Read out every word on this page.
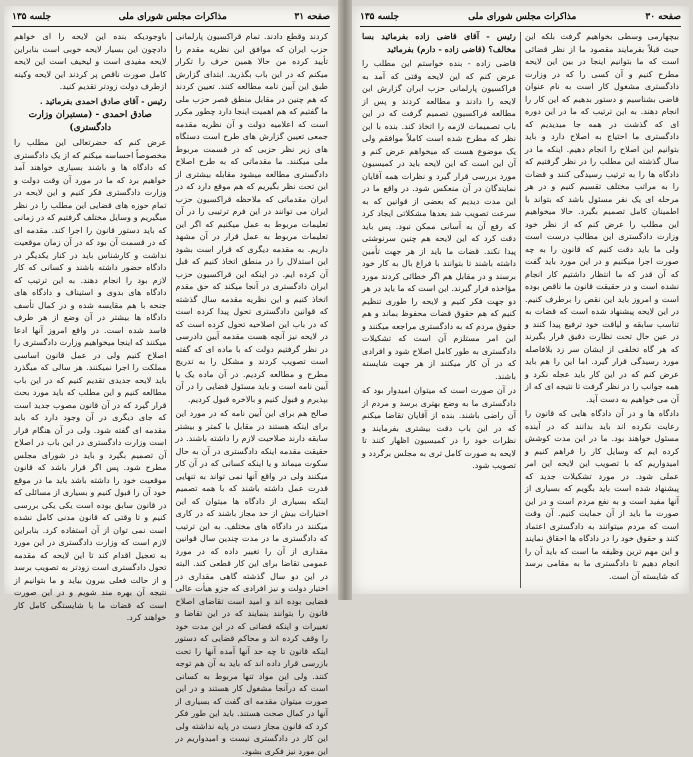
صفحه ۳۱
مذاکرات مجلس شورای ملی
جلسه ۱۳۵

کردند وقطع دادند. تمام قراکسیون پارلمانی حزب ایران که موافق این نظریه مقدم را تأیید کرده من حالا همین حرف را تکرار میکنم که در این باب بگذرید. ابتدای گزارش طبق این آیین نامه مطالعه کنند. تعیین کردند که هم چنین در مقابل منطق قصر حزب ملی ما گفتیم که هم اهمیت اینجا دارد چطور مکرر است که اعلامیه دولت و آن نظریه مقدمه جمعی تعیین گزارش های طرح است دستگاه های زیر نظر حزبی که در قسمت مربوط ملی میکنند. ما مقدماتی که به طرح اصلاح دادگستری مطالعه میشود مقابله بیشتری از این تحت نظر بگیریم که هم موقع دارد که در ایران مقدماتی که ملاحظه قراکسیون حزب ایران می توانند در این فرم ترتیبی را در آن تعلیمات مربوط به عمل میکنیم که اگر این تعلیمات مربوط به عمل قرار در آن مشهد داریم. به مقدمه دیگری که قرار است بشود این استدلال را در منطق اتخاذ کنیم که قبل آن کرده ایم. در اینکه این قراکسیون حزب ایران دادگستری در آنجا میکند که حق مقدم اتخاذ کنیم و این نظریه مقدمه سال گذشته که قوانین دادگستری تحول پیدا کرده است که در باب این اصلاحیه تحول کرده است که در لایحه نیز آنچه هست مقدمه آیین دادرسی در نظر گرفتیم دولت که با ماده ای که گفته است تصویب کردند و مشکل را به تدریج مطرح و مطالعه کردیم. در آن ماده یک یا آیین نامه است و باید مسئول قضایی را در آن بپذیرم و قبول کنیم و بالاخره قبول کردیم.

صالح هم برای این آیین نامه که در مورد این برای اینکه هستند در مقابل با کمتر و بیشتر سابقه دارند صلاحیت لازم را داشته باشند. در حقیقت مقدمه اینکه دادگستری در آن به حال سکوت میماند و یا اینکه کسانی که در آن کار میکنند ولی در واقع آنها نمی تواند به تنهایی قدرت عمل داشته باشند که با همه تصمیم اینکه بسیاری از دادگاه ها میتوان که این اختیارات بیش از حد مجاز باشند که در کاری میکنند در دادگاه های مختلف. به این ترتیب که دادگستری ما در مدت چندین سال قوانین مقداری از آن را تغییر داده که در مورد عمومی تقاضا برای این کار قطعی کند. البته در این دو سال گذشته گاهی مقداری در اختیار دولت و نیز افرادی که جزو هیأت عالی قضایی بوده اند و امید است تقاضای اصلاح قانون را بتوانند بنمایند که در این تقاضا و تغییرات و اینکه قضاتی که در این مدت خود را وقف کرده اند و محاکم قضایی که دستور اینکه قانون تا چه حد آنها آمده آنها را تحت بازرسی قرار داده اند که باید به آن هم توجه کنند. ولی این مواد تنها مربوط به کسانی است که درآنجا مشغول کار هستند و در این صورت میتوان مقدمه ای گفت که بسیاری از آنها در کمال صحت هستند. باید این طور فکر کرد که قانون مجاز دست در پایه نداشته ولی این کار در دادگستری نیست و امیدواریم در این مورد نیز فکری بشود.

باوجودیکه بنده این لایحه را ای خواهم دادچون این بسیار لایحه خوبی است بنابراین لایحه مفیدی است و لیخیف است این لایحه کامل صورت ناقص پر کردند این لایحه وکینه ازطرف دولت زودتر تقدیم کنید.

رئیس - آقای صادق احمدی بفرمائید .

صادق احمدی - (مستبران وزارت دادگستری)

عرض کنم که حضرتعالی این مطلب را مخصوصاً احساسه میکنم که از یک دادگستری که دادگاه ها و باشند بسیاری خواهند آمد خواهیم برد که ما در مورد آن وقت دولت و وزارت دادگستری فکر کنیم و این لایحه در تمام حوزه های قضایی این مطلب را در نظر میگیریم و وسایل مختلف گرفتیم که در زمانی که باید دستور قانون را اجرا کند. مقدمه ای که در قسمت آن بود که در آن زمان موقعیت نداشت و کارشناس باید در کنار یکدیگر در دادگاه حضور داشته باشند و کسانی که کار لازم بود را انجام دهند. به این ترتیب که دادگاه های بدوی و استیناف و دادگاه های جنحه با هم مقایسه شده و در کمال تأسف دادگاه ها بیشتر در آن وضع از هر طرف فاسد شده است. در واقع امروز آنها ادعا میکنند که اینجا میخواهیم وزارت دادگستری را اصلاح کنیم ولی در عمل قانون اساسی مملکت را اجرا نمیکنند. هر سالی که میگذرد باید لایحه جدیدی تقدیم کنیم که در این باب مطالعه کنیم و این مطلب که باید مورد بحث قرار گیرد که در آن قانون مصوب جدید است که جای دیگری در آن وجود دارد که باید مقدمه ای گفته شود. ولی در آن هنگام قرار است وزارت دادگستری در این باب در اصلاح آن تصمیم بگیرد و باید در شورای مجلس مطرح شود. پس اگر قرار باشد که قانون موقعیت خود را داشته باشد باید ما در موقع خود آن را قبول کنیم و بسیاری از مسائلی که در قانون سابق بوده است یکی یکی بررسی کنیم و تا وقتی که قانون مدنی کامل نشده است نمی توان از آن استفاده کرد. بنابراین لازم است که وزارت دادگستری در این مورد به تعجیل اقدام کند تا این لایحه که مقدمه تحول دادگستری است زودتر به تصویب برسد و از حالت فعلی بیرون بیاید و ما بتوانیم از نتیجه آن بهره مند شویم و در این صورت است که قضات ما با شایستگی کامل کار خواهند کرد.

صفحه ۳۰
مذاکرات مجلس شورای ملی
جلسه ۱۳۵

بیچهارمی وسطی بخواهیم گرفت بلکه این حیث قبلاً بفرمایند مقصود ما از نظر قضائی است که ما بتوانیم اینجا در بین این لایحه مطرح کنیم و آن کسی را که در وزارت دادگستری مشغول کار است به نام عنوان قاضی بشناسیم و دستور بدهیم که این کار را انجام دهند. به این ترتیب که ما در این دوره ای که گذشت در همه جا میدیدیم که دادگستری ما احتیاج به اصلاح دارد و باید بتوانیم این اصلاح را انجام دهیم. اینکه ما در سال گذشته این مطلب را در نظر گرفتیم که دادگاه ها را به ترتیب رسیدگی کنند و قضات را به مراتب مختلف تقسیم کنیم و در هر مرحله ای یک نفر مسئول باشد که بتواند با اطمینان کامل تصمیم بگیرد. حالا میخواهیم این مطلب را عرض کنم که از نظر خود وزارت دادگستری این مطالب درست است ولی ما باید دقت کنیم که قانون را به چه صورت اجرا میکنیم و در این مورد باید گفت که آن قدر که ما انتظار داشتیم کار انجام نشده است و در حقیقت قانون ما ناقص بوده است و امروز باید این نقص را برطرف کنیم. در این لایحه پیشنهاد شده است که قضات به تناسب سابقه و لیاقت خود ترفیع پیدا کنند و در عین حال تحت نظارت دقیق قرار بگیرند که هر گاه تخلفی از ایشان سر زد بلافاصله مورد رسیدگی قرار گیرد. اما این را هم باید عرض کنم که در این کار باید عجله نکرد و همه جوانب را در نظر گرفت تا نتیجه ای که از آن می خواهیم به دست آید.

دادگاه ها و در آن دادگاه هایی که قانون را رعایت نکرده اند باید بدانند که در آینده مسئول خواهند بود. ما در این مدت کوشش کرده ایم که وسایل کار را فراهم کنیم و امیدواریم که با تصویب این لایحه این امر عملی شود. در مورد تشکیلات جدید که پیشنهاد شده است باید بگویم که بسیاری از آنها مفید است و به نفع مردم است و در این صورت ما باید از آن حمایت کنیم. آن وقت است که مردم میتوانند به دادگستری اعتماد کنند و حقوق خود را در دادگاه ها احقاق نمایند و این مهم ترین وظیفه ما است که باید آن را انجام دهیم تا دادگستری ما به مقامی برسد که شایسته آن است.

رئیس - آقای قاضی زاده بفرمائید بسا مخالف؟ (قاضی زاده - دارم) بفرمائید

قاضی زاده - بنده خواستم این مطلب را عرض کنم که این لایحه وقتی که آمد به فراکسیون پارلمانی حزب ایران گزارش این لایحه را دادند و مطالعه کردند و پس از مطالعه فراکسیون تصمیم گرفت که در این باب تصمیمات لازمه را اتخاذ کند. بنده با این نظر که مطرح شده است کاملاً موافقم ولی یک موضوع هست که میخواهم عرض کنم و آن این است که این لایحه باید در کمیسیون مورد بررسی قرار گیرد و نظرات همه آقایان نمایندگان در آن منعکس شود. در واقع ما در این مدت دیدیم که بعضی از قوانین که به سرعت تصویب شد بعدها مشکلاتی ایجاد کرد که رفع آن به آسانی ممکن نبود. پس باید دقت کرد که این لایحه هم چنین سرنوشتی پیدا نکند. قضات ما باید از هر جهت تأمین داشته باشند تا بتوانند با فراغ بال به کار خود برسند و در مقابل هم اگر خطائی کردند مورد مؤاخذه قرار گیرند. این است که ما باید در هر دو جهت فکر کنیم و لایحه را طوری تنظیم کنیم که هم حقوق قضات محفوظ بماند و هم حقوق مردم که به دادگستری مراجعه میکنند و این امر مستلزم آن است که تشکیلات دادگستری به طور کامل اصلاح شود و افرادی که در آن کار میکنند از هر جهت شایسته باشند.

در آن صورت است که میتوان امیدوار بود که دادگستری ما به وضع بهتری برسد و مردم از آن راضی باشند. بنده از آقایان تقاضا میکنم که در این باب دقت بیشتری بفرمایند و نظرات خود را در کمیسیون اظهار کنند تا لایحه به صورت کامل تری به مجلس برگردد و تصویب شود.
